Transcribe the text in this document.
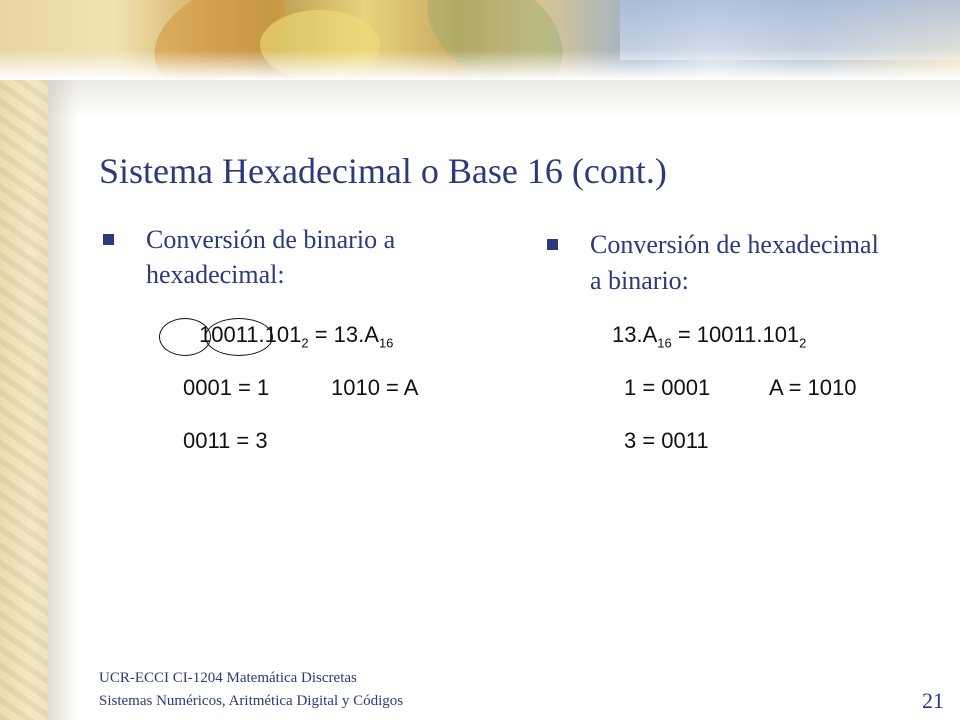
Sistema Hexadecimal o Base 16 (cont.)

Conversión de binario a

hexadecimal:

Conversión de hexadecimal

a binario:

$10011.101_2 = 13.A_{16}$
0001 = 1	1010 = A
0011 = 3
$13.A_{16} = 10011.101_2$
1 = 0001	A = 1010
3 = 0011
UCR-ECCI CI-1204 Matemática Discretas
Sistemas Numéricos, Aritmética Digital y Códigos	21
